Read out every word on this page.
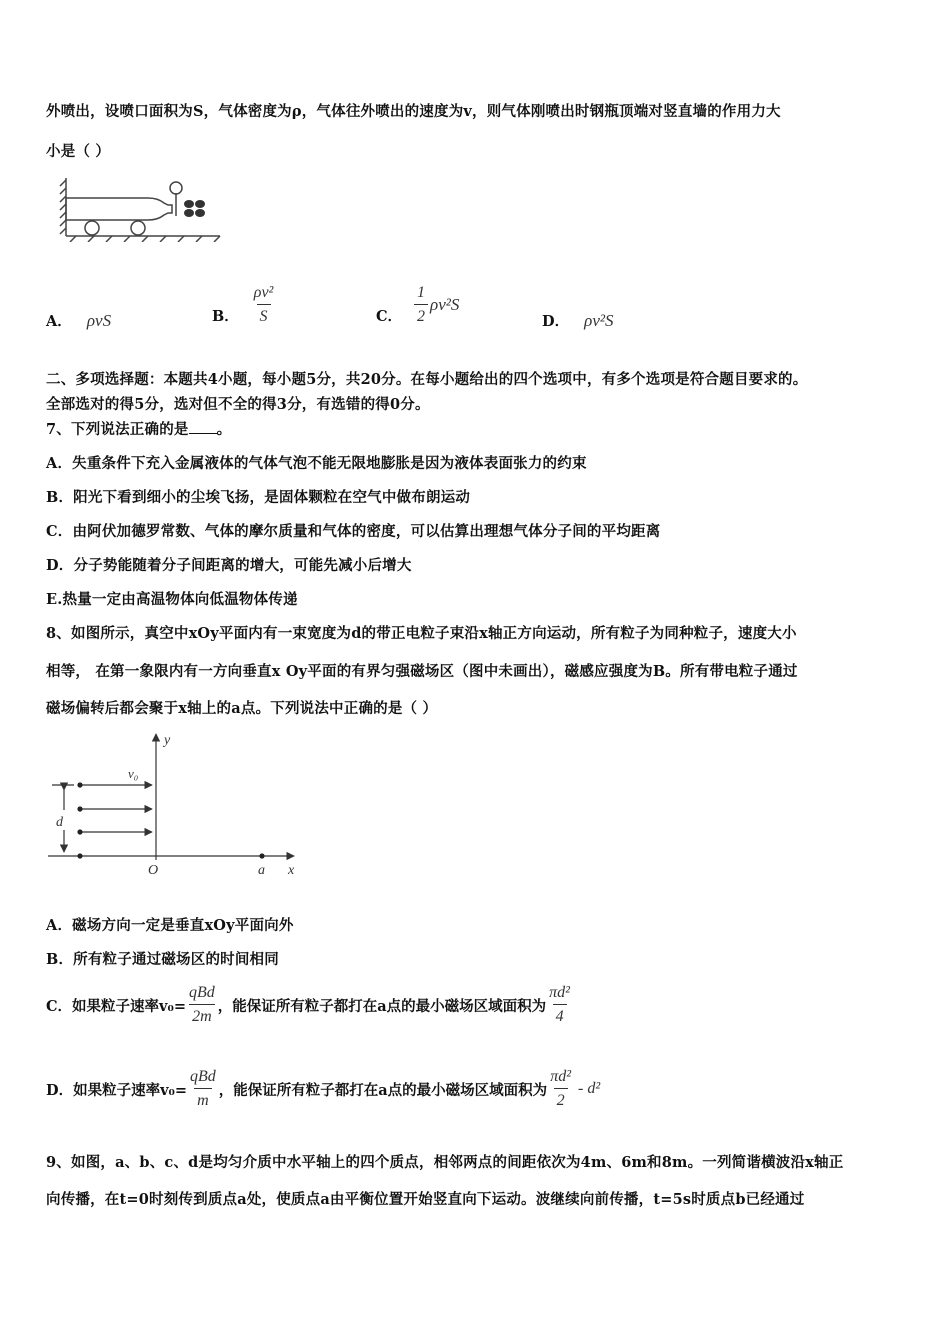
外喷出，设喷口面积为S，气体密度为ρ，气体往外喷出的速度为v，则气体刚喷出时钢瓶顶端对竖直墙的作用力大
小是（ ）
A． ρvS	B． $\frac{\text{ρv²}}{S}$	C． $\frac{1}{2} \rho v^2S$
D． ρv²S
二、多项选择题：本题共4小题，每小题5分，共20分。在每小题给出的四个选项中，有多个选项是符合题目要求的。
全部选对的得5分，选对但不全的得3分，有选错的得0分。
7、下列说法正确的是 。
A．失重条件下充入金属液体的气体气泡不能无限地膨胀是因为液体表面张力的约束
B．阳光下看到细小的尘埃飞扬，是固体颗粒在空气中做布朗运动
C．由阿伏加德罗常数、气体的摩尔质量和气体的密度，可以估算出理想气体分子间的平均距离
D．分子势能随着分子间距离的增大，可能先减小后增大
E.热量一定由高温物体向低温物体传递
8、如图所示，真空中xOy平面内有一束宽度为d的带正电粒子束沿x轴正方向运动，所有粒子为同种粒子，速度大小
相等， 在第一象限内有一方向垂直x Oy平面的有界匀强磁场区（图中未画出），磁感应强度为B。所有带电粒子通过
磁场偏转后都会聚于x轴上的a点。下列说法中正确的是（ ）
y
x
O	a
v₀
d
A．磁场方向一定是垂直xOy平面向外
B．所有粒子通过磁场区的时间相同
C．如果粒子速率$v_0= \frac{\text{qBd}}{2m}$ ，能保证所有粒子都打在a点的最小磁场区域面积为 $\frac{\text{πd²}}{4}$
D．如果粒子速率$v_0= \frac{\text{qBd}}{m}$ ，能保证所有粒子都打在a点的最小磁场区域面积为 $\frac{\text{πd²}}{2} - d^2$
9、如图，a、b、c、d是均匀介质中水平轴上的四个质点，相邻两点的间距依次为4m、6m和8m。一列简谐横波沿x轴正
向传播，在t=0时刻传到质点a处，使质点a由平衡位置开始竖直向下运动。波继续向前传播，t=5s时质点b已经通过
